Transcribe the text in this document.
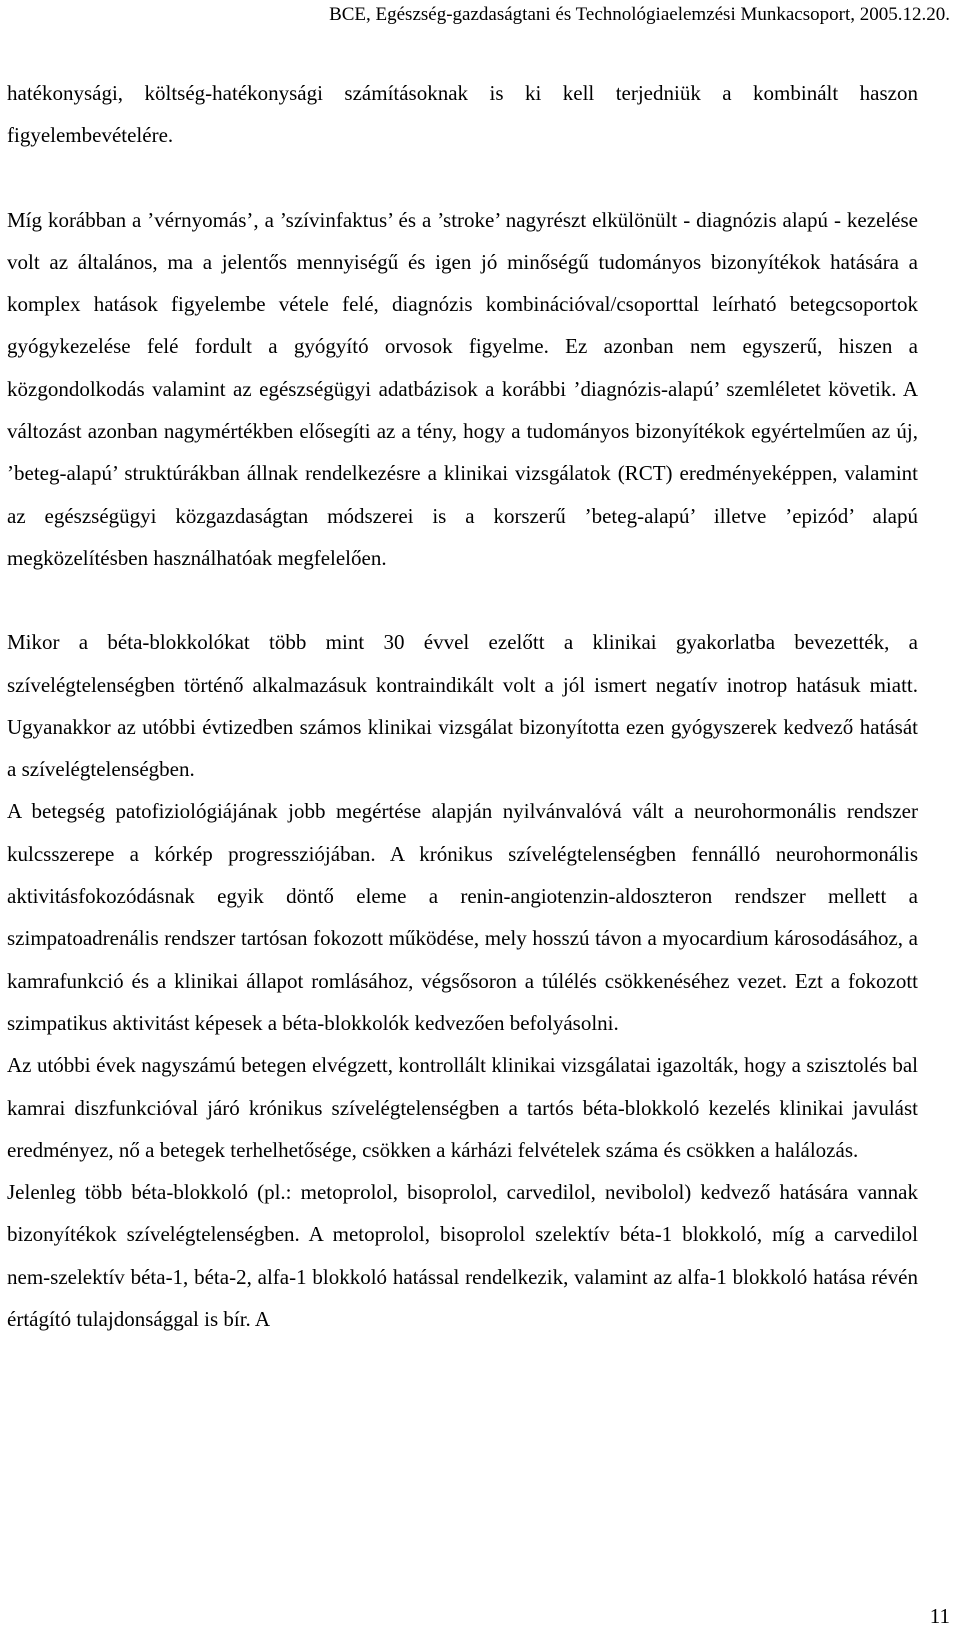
BCE, Egészség-gazdaságtani és Technológiaelemzési Munkacsoport, 2005.12.20.

hatékonysági, költség-hatékonysági számításoknak is ki kell terjedniük a kombinált haszon figyelembevételére.

Míg korábban a ’vérnyomás’, a ’szívinfaktus’ és a ’stroke’ nagyrészt elkülönült - diagnózis alapú - kezelése volt az általános, ma a jelentős mennyiségű és igen jó minőségű tudományos bizonyítékok hatására a komplex hatások figyelembe vétele felé, diagnózis kombinációval/csoporttal leírható betegcsoportok gyógykezelése felé fordult a gyógyító orvosok figyelme. Ez azonban nem egyszerű, hiszen a közgondolkodás valamint az egészségügyi adatbázisok a korábbi ’diagnózis-alapú’ szemléletet követik. A változást azonban nagymértékben elősegíti az a tény, hogy a tudományos bizonyítékok egyértelműen az új, ’beteg-alapú’ struktúrákban állnak rendelkezésre a klinikai vizsgálatok (RCT) eredményeképpen, valamint az egészségügyi közgazdaságtan módszerei is a korszerű ’beteg-alapú’ illetve ’epizód’ alapú megközelítésben használhatóak megfelelően.

Mikor a béta-blokkolókat több mint 30 évvel ezelőtt a klinikai gyakorlatba bevezették, a szívelégtelenségben történő alkalmazásuk kontraindikált volt a jól ismert negatív inotrop hatásuk miatt. Ugyanakkor az utóbbi évtizedben számos klinikai vizsgálat bizonyította ezen gyógyszerek kedvező hatását a szívelégtelenségben.

A betegség patofiziológiájának jobb megértése alapján nyilvánvalóvá vált a neurohormonális rendszer kulcsszerepe a kórkép progressziójában. A krónikus szívelégtelenségben fennálló neurohormonális aktivitásfokozódásnak egyik döntő eleme a renin-angiotenzin-aldoszteron rendszer mellett a szimpatoadrenális rendszer tartósan fokozott működése, mely hosszú távon a myocardium károsodásához, a kamrafunkció és a klinikai állapot romlásához, végsősoron a túlélés csökkenéséhez vezet. Ezt a fokozott szimpatikus aktivitást képesek a béta-blokkolók kedvezően befolyásolni.

Az utóbbi évek nagyszámú betegen elvégzett, kontrollált klinikai vizsgálatai igazolták, hogy a szisztolés bal kamrai diszfunkcióval járó krónikus szívelégtelenségben a tartós béta-blokkoló kezelés klinikai javulást eredményez, nő a betegek terhelhetősége, csökken a kárházi felvételek száma és csökken a halálozás.

Jelenleg több béta-blokkoló (pl.: metoprolol, bisoprolol, carvedilol, nevibolol) kedvező hatására vannak bizonyítékok szívelégtelenségben. A metoprolol, bisoprolol szelektív béta-1 blokkoló, míg a carvedilol nem-szelektív béta-1, béta-2, alfa-1 blokkoló hatással rendelkezik, valamint az alfa-1 blokkoló hatása révén értágító tulajdonsággal is bír. A

11
